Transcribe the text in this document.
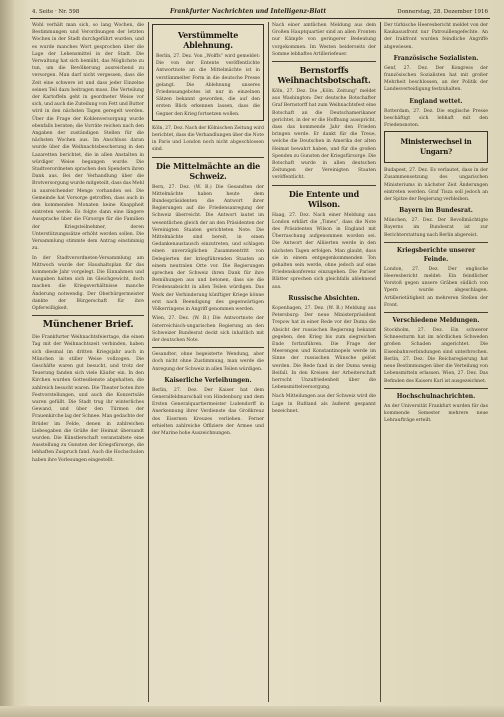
4. Seite · Nr. 598	Frankfurter Nachrichten und Intelligenz-Blatt	Donnerstag, 28. Dezember 1916
Wohl verhält man sich, so lang Wochen, die Bestimmungen und Verordnungen der letzten Wochen in der Stadt durchgeführt wurden, und es wurde manches Wort gesprochen über die Lage der Lebensmittel in der Stadt. Die Verwaltung hat sich bemüht, das Möglichste zu tun, um die Bevölkerung ausreichend zu versorgen. Man darf nicht vergessen, dass die Zeit eine schwere ist und dass jeder Einzelne seinen Teil dazu beitragen muss. Die Verteilung der Kartoffeln geht in geordneter Weise vor sich, und auch die Zuteilung von Fett und Butter wird in den nächsten Tagen geregelt werden. Über die Frage der Kohlenversorgung wurde ebenfalls beraten; die Vorräte reichen nach den Angaben der zuständigen Stellen für die nächsten Wochen aus. Im Anschluss daran wurde über die Weihnachtsbescherung in den Lazaretten berichtet, die in allen Anstalten in würdiger Weise begangen wurde. Die Stadtverordneten sprachen den Spendern ihren Dank aus. Bei der Verhandlung über die Brotversorgung wurde mitgeteilt, dass das Mehl in ausreichender Menge vorhanden sei. Die Gemeinde hat Vorsorge getroffen, dass auch in den kommenden Monaten keine Knappheit eintreten werde. Es folgte dann eine längere Aussprache über die Fürsorge für die Familien der Kriegsteilnehmer, deren Unterstützungssätze erhöht werden sollen. Die Versammlung stimmte dem Antrag einstimmig zu.
In der Stadtverordneten-Versammlung am Mittwoch wurde der Haushaltsplan für das kommende Jahr vorgelegt. Die Einnahmen und Ausgaben halten sich im Gleichgewicht, doch machen die Kriegsverhältnisse manche Änderung notwendig. Der Oberbürgermeister dankte der Bürgerschaft für ihre Opferwilligkeit.
Münchener Brief.
Die Frankfurter Weihnachtsfeiertage, die einen Tag mit der Weihnachtszeit verbinden, haben sich diesmal im dritten Kriegsjahr auch in München in stiller Weise vollzogen. Die Geschäfte waren gut besucht, und trotz der Teuerung fanden sich viele Käufer ein. In den Kirchen wurden Gottesdienste abgehalten, die zahlreich besucht waren. Die Theater boten ihre Festvorstellungen, und auch die Konzertsäle waren gefüllt. Die Stadt trug ihr winterliches Gewand, und über den Türmen der Frauenkirche lag der Schnee. Man gedachte der Brüder im Felde, denen in zahlreichen Liebesgaben die Grüße der Heimat übersandt wurden. Die Künstlerschaft veranstaltete eine Ausstellung zu Gunsten der Kriegsfürsorge, die lebhaften Zuspruch fand. Auch die Hochschulen haben ihre Vorlesungen eingestellt.
Verstümmelte Ablehnung.
Berlin, 27. Dez. Von „Wolffs“ wird gemeldet: Die von der Entente veröffentlichte Antwortnote an die Mittelmächte ist in verstümmelter Form in die deutsche Presse gelangt. Die Ablehnung unseres Friedensangebotes ist nur in einzelnen Sätzen bekannt geworden, die auf den ersten Blick erkennen lassen, dass die Gegner den Krieg fortsetzen wollen.
Köln, 27. Dez. Nach der Kölnischen Zeitung wird berichtet, dass die Verhandlungen über die Note in Paris und London noch nicht abgeschlossen sind.
Die Mittelmächte an die Schweiz.
Bern, 27. Dez. (W. B.) Die Gesandten der Mittelmächte haben heute dem Bundespräsidenten die Antwort ihrer Regierungen auf die Friedensanregung der Schweiz überreicht. Die Antwort lautet im wesentlichen gleich der an den Präsidenten der Vereinigten Staaten gerichteten Note. Die Mittelmächte sind bereit, in einen Gedankenaustausch einzutreten, und schlagen einen unverzüglichen Zusammentritt von Delegierten der kriegführenden Staaten an einem neutralen Orte vor. Die Regierungen sprechen der Schweiz ihren Dank für ihre Bemühungen aus und betonen, dass sie die Friedensabsicht in allen Teilen würdigen. Das Werk der Verhinderung künftiger Kriege könne erst nach Beendigung des gegenwärtigen Völkerringens in Angriff genommen werden.
Wien, 27. Dez. (W. B.) Die Antwortnote der österreichisch-ungarischen Regierung an den Schweizer Bundesrat deckt sich inhaltlich mit der deutschen Note.
Gesandter, ohne begeisterte Wendung, aber doch nicht ohne Zustimmung, man werde die Anregung der Schweiz in allen Teilen würdigen.
Kaiserliche Verleihungen.
Berlin, 27. Dez. Der Kaiser hat dem Generalfeldmarschall von Hindenburg und dem Ersten Generalquartiermeister Ludendorff in Anerkennung ihrer Verdienste das Großkreuz des Eisernen Kreuzes verliehen. Ferner erhielten zahlreiche Offiziere der Armee und der Marine hohe Auszeichnungen.
Nach einer amtlichen Meldung aus dem Großen Hauptquartier sind an allen Fronten nur Kämpfe von geringerer Bedeutung vorgekommen. Im Westen beiderseits der Somme lebhaftes Artilleriefeuer.
Bernstorffs Weihnachtsbotschaft.
Köln, 27. Dez. Die „Köln. Zeitung“ meldet aus Washington: Der deutsche Botschafter Graf Bernstorff hat zum Weihnachtsfest eine Botschaft an die Deutschamerikaner gerichtet, in der er die Hoffnung ausspricht, dass das kommende Jahr den Frieden bringen werde. Er dankt für die Treue, welche die Deutschen in Amerika der alten Heimat bewahrt haben, und für die großen Spenden zu Gunsten der Kriegsfürsorge. Die Botschaft wurde in allen deutschen Zeitungen der Vereinigten Staaten veröffentlicht.
Die Entente und Wilson.
Haag, 27. Dez. Nach einer Meldung aus London erklärt die „Times“, dass die Note des Präsidenten Wilson in England mit Überraschung aufgenommen worden sei. Die Antwort der Alliierten werde in den nächsten Tagen erfolgen. Man glaubt, dass sie in einem entgegenkommenden Ton gehalten sein werde, ohne jedoch auf eine Friedenskonferenz einzugehen. Die Pariser Blätter sprechen sich gleichfalls ablehnend aus.
Russische Absichten.
Kopenhagen, 27. Dez. (W. B.) Meldung aus Petersburg: Der neue Ministerpräsident Trepow hat in einer Rede vor der Duma die Absicht der russischen Regierung bekannt gegeben, den Krieg bis zum siegreichen Ende fortzuführen. Die Frage der Meerengen und Konstantinopels werde im Sinne der russischen Wünsche gelöst werden. Die Rede fand in der Duma wenig Beifall. In den Kreisen der Arbeiterschaft herrscht Unzufriedenheit über die Lebensmittelversorgung.
Nach Mitteilungen aus der Schweiz wird die Lage in Rußland als äußerst gespannt bezeichnet.
Der türkische Heeresbericht meldet von der Kaukasusfront nur Patrouillengefechte. An der Irakfront wurden feindliche Angriffe abgewiesen.
Französische Sozialisten.
Genf, 27. Dez. Der Kongress der französischen Sozialisten hat mit großer Mehrheit beschlossen, an der Politik der Landesverteidigung festzuhalten.
England wettet.
Rotterdam, 27. Dez. Die englische Presse beschäftigt sich lebhaft mit den Friedensnoten.
Ministerwechsel in Ungarn?
Budapest, 27. Dez. Es verlautet, dass in der Zusammensetzung des ungarischen Ministeriums in nächster Zeit Änderungen eintreten werden. Graf Tisza soll jedoch an der Spitze der Regierung verbleiben.
Bayern im Bundesrat.
München, 27. Dez. Der Bevollmächtigte Bayerns im Bundesrat ist zur Berichterstattung nach Berlin abgereist.
Kriegsberichte unserer Feinde.
London, 27. Dez. Der englische Heeresbericht meldet: Ein feindlicher Vorstoß gegen unsere Gräben südlich von Ypern wurde abgeschlagen. Artillerietätigkeit an mehreren Stellen der Front.
Verschiedene Meldungen.
Stockholm, 27. Dez. Ein schwerer Schneesturm hat im nördlichen Schweden großen Schaden angerichtet. Die Eisenbahnverbindungen sind unterbrochen. Berlin, 27. Dez. Die Reichsregierung hat neue Bestimmungen über die Verteilung von Lebensmitteln erlassen. Wien, 27. Dez. Das Befinden des Kaisers Karl ist ausgezeichnet.
Hochschulnachrichten.
An der Universität Frankfurt wurden für das kommende Semester mehrere neue Lehraufträge erteilt.
